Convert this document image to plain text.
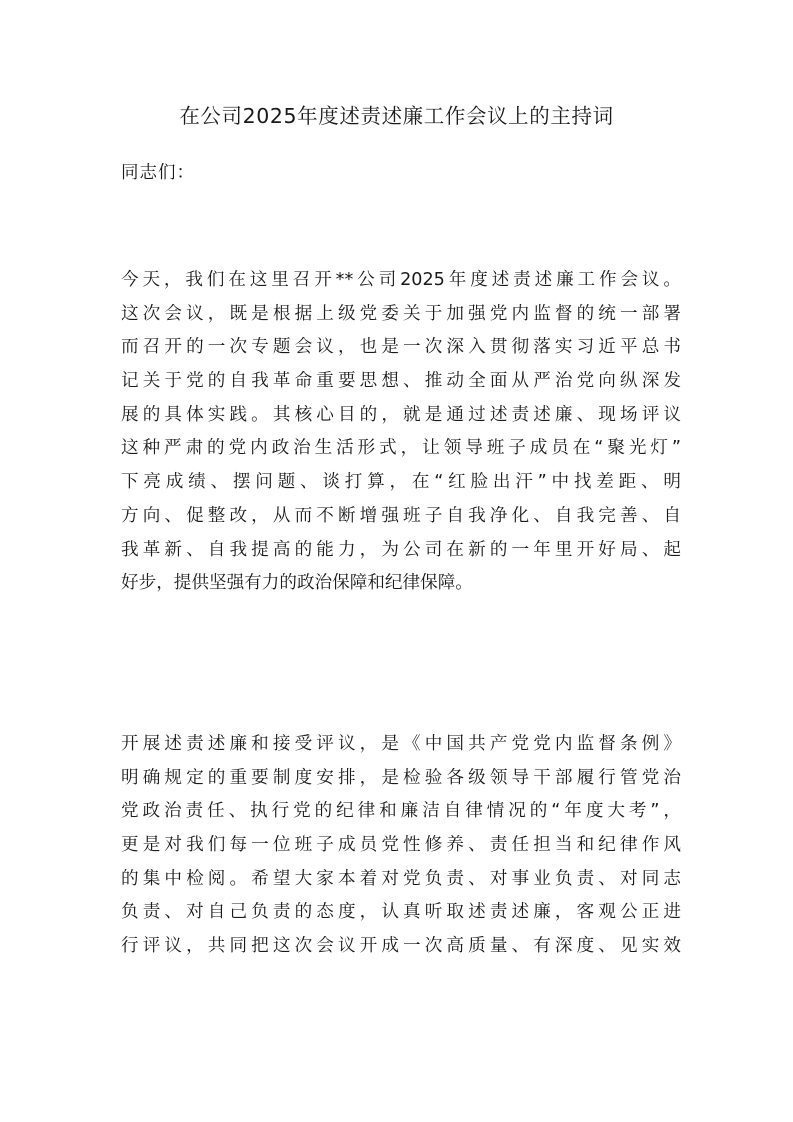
在公司2025年度述责述廉工作会议上的主持词
同志们：
今天，我们在这里召开**公司2025年度述责述廉工作会议。
这次会议，既是根据上级党委关于加强党内监督的统一部署
而召开的一次专题会议，也是一次深入贯彻落实习近平总书
记关于党的自我革命重要思想、推动全面从严治党向纵深发
展的具体实践。其核心目的，就是通过述责述廉、现场评议
这种严肃的党内政治生活形式，让领导班子成员在“聚光灯”
下亮成绩、摆问题、谈打算，在“红脸出汗”中找差距、明
方向、促整改，从而不断增强班子自我净化、自我完善、自
我革新、自我提高的能力，为公司在新的一年里开好局、起
好步，提供坚强有力的政治保障和纪律保障。
开展述责述廉和接受评议，是《中国共产党党内监督条例》
明确规定的重要制度安排，是检验各级领导干部履行管党治
党政治责任、执行党的纪律和廉洁自律情况的“年度大考”，
更是对我们每一位班子成员党性修养、责任担当和纪律作风
的集中检阅。希望大家本着对党负责、对事业负责、对同志
负责、对自己负责的态度，认真听取述责述廉，客观公正进
行评议，共同把这次会议开成一次高质量、有深度、见实效
